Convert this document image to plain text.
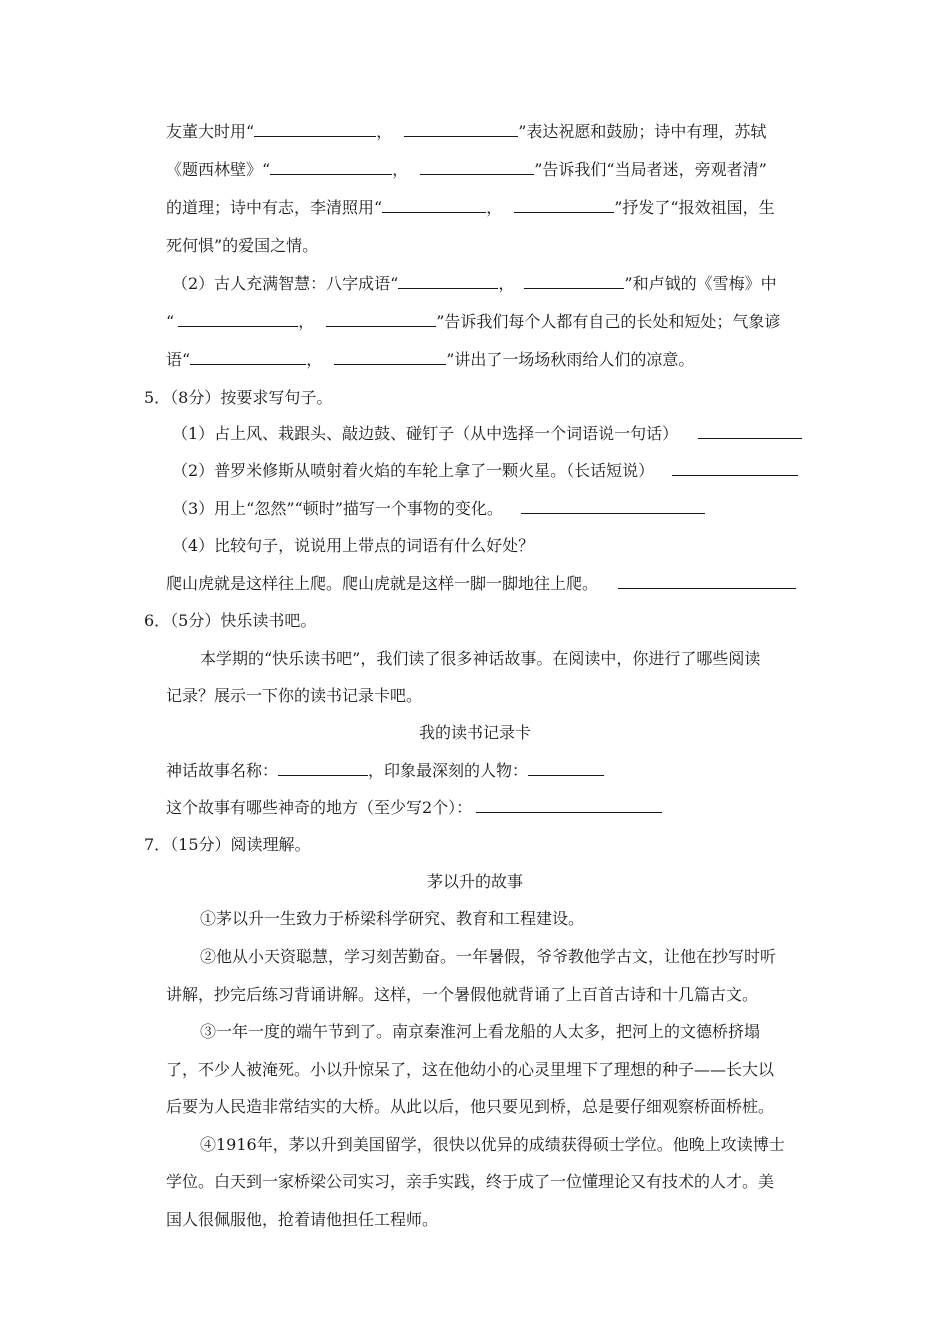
友董大时用“	，	”表达祝愿和鼓励；诗中有理，苏轼
《题西林壁》“	，	”告诉我们“当局者迷，旁观者清”
的道理；诗中有志，李清照用“	，	”抒发了“报效祖国，生
死何惧”的爱国之情。
（2）古人充满智慧：八字成语“	，	”和卢钺的《雪梅》中
“	，	”告诉我们每个人都有自己的长处和短处；气象谚
语“	，	”讲出了一场场秋雨给人们的凉意。
5．（8分）按要求写句子。
（1）占上风、栽跟头、敲边鼓、碰钉子（从中选择一个词语说一句话）
（2）普罗米修斯从喷射着火焰的车轮上拿了一颗火星。（长话短说）
（3）用上“忽然”“顿时”描写一个事物的变化。
（4）比较句子，说说用上带点的词语有什么好处？
爬山虎就是这样往上爬。爬山虎就是这样一脚一脚地往上爬。
6．（5分）快乐读书吧。
本学期的“快乐读书吧”，我们读了很多神话故事。在阅读中，你进行了哪些阅读
记录？展示一下你的读书记录卡吧。
我的读书记录卡
神话故事名称：	，印象最深刻的人物：
这个故事有哪些神奇的地方（至少写2个）：
7．（15分）阅读理解。
茅以升的故事
①茅以升一生致力于桥梁科学研究、教育和工程建设。
②他从小天资聪慧，学习刻苦勤奋。一年暑假，爷爷教他学古文，让他在抄写时听
讲解，抄完后练习背诵讲解。这样，一个暑假他就背诵了上百首古诗和十几篇古文。
③一年一度的端午节到了。南京秦淮河上看龙船的人太多，把河上的文德桥挤塌
了，不少人被淹死。小以升惊呆了，这在他幼小的心灵里埋下了理想的种子——长大以
后要为人民造非常结实的大桥。从此以后，他只要见到桥，总是要仔细观察桥面桥桩。
④1916年，茅以升到美国留学，很快以优异的成绩获得硕士学位。他晚上攻读博士
学位。白天到一家桥梁公司实习，亲手实践，终于成了一位懂理论又有技术的人才。美
国人很佩服他，抢着请他担任工程师。
